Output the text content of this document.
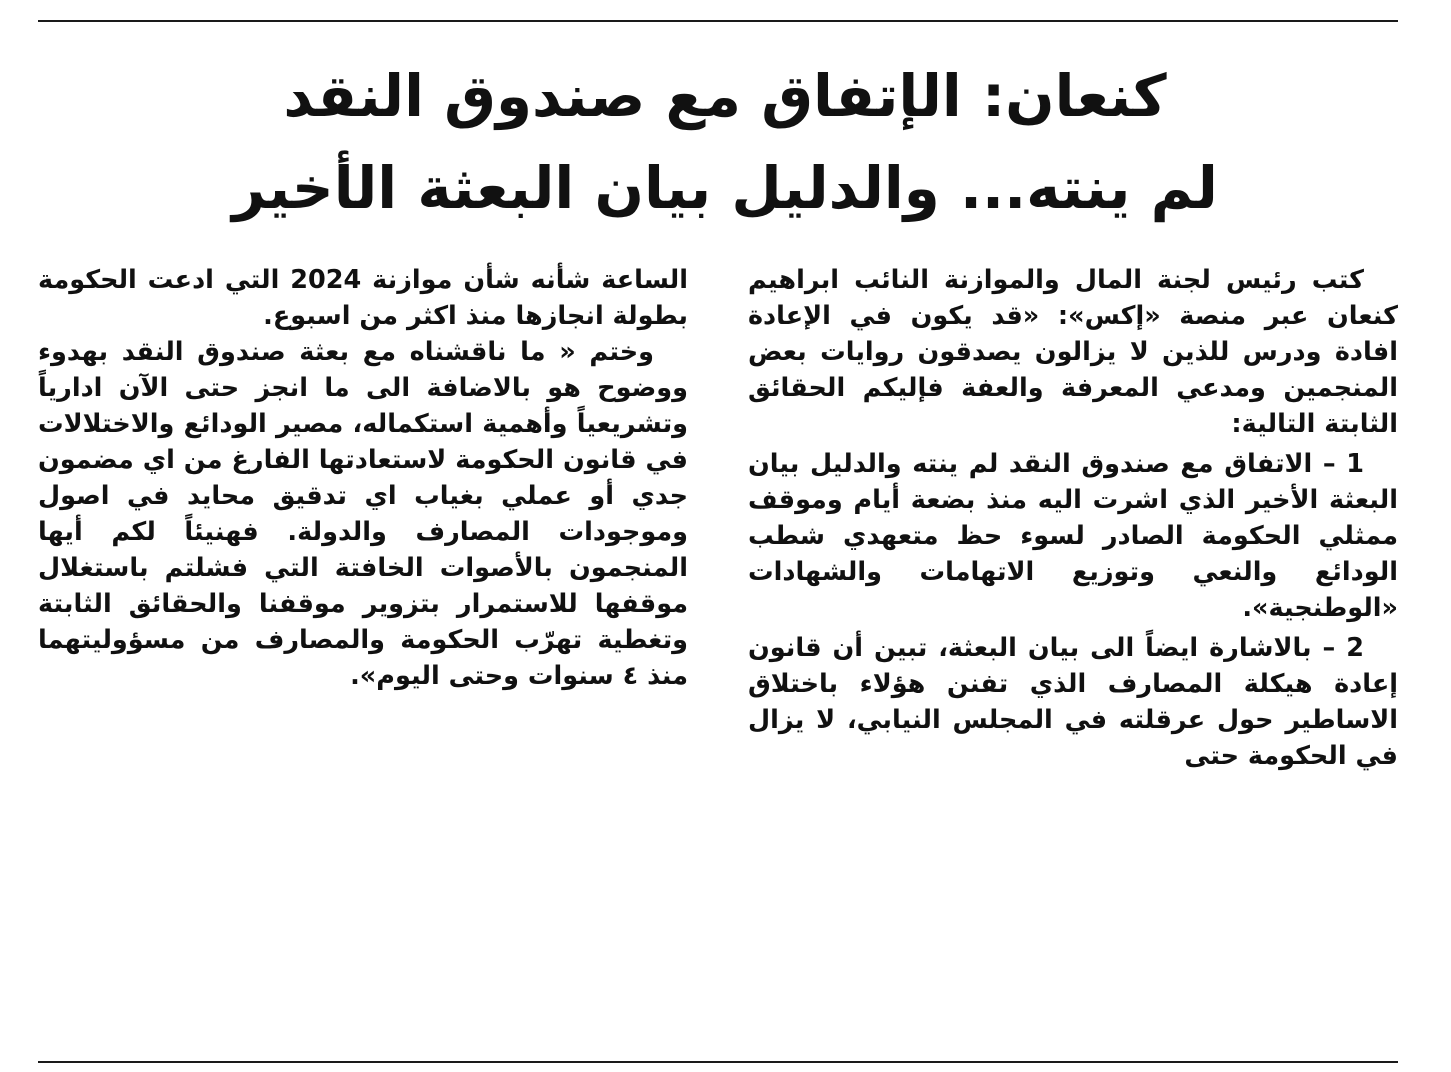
كنعان: الإتفاق مع صندوق النقد
لم ينته... والدليل بيان البعثة الأخير

كتب رئيس لجنة المال والموازنة النائب ابراهيم كنعان عبر منصة «إكس»: «قد يكون في الإعادة افادة ودرس للذين لا يزالون يصدقون روايات بعض المنجمين ومدعي المعرفة والعفة فإليكم الحقائق الثابتة التالية:

1 – الاتفاق مع صندوق النقد لم ينته والدليل بيان البعثة الأخير الذي اشرت اليه منذ بضعة أيام وموقف ممثلي الحكومة الصادر لسوء حظ متعهدي شطب الودائع والنعي وتوزيع الاتهامات والشهادات «الوطنجية».

2 – بالاشارة ايضاً الى بيان البعثة، تبين أن قانون إعادة هيكلة المصارف الذي تفنن هؤلاء باختلاق الاساطير حول عرقلته في المجلس النيابي، لا يزال في الحكومة حتى

الساعة شأنه شأن موازنة 2024 التي ادعت الحكومة بطولة انجازها منذ اكثر من اسبوع.

وختم « ما ناقشناه مع بعثة صندوق النقد بهدوء ووضوح هو بالاضافة الى ما انجز حتى الآن ادارياً وتشريعياً وأهمية استكماله، مصير الودائع والاختلالات في قانون الحكومة لاستعادتها الفارغ من اي مضمون جدي أو عملي بغياب اي تدقيق محايد في اصول وموجودات المصارف والدولة. فهنيئاً لكم أيها المنجمون بالأصوات الخافتة التي فشلتم باستغلال موقفها للاستمرار بتزوير موقفنا والحقائق الثابتة وتغطية تهرّب الحكومة والمصارف من مسؤوليتهما منذ ٤ سنوات وحتى اليوم».
